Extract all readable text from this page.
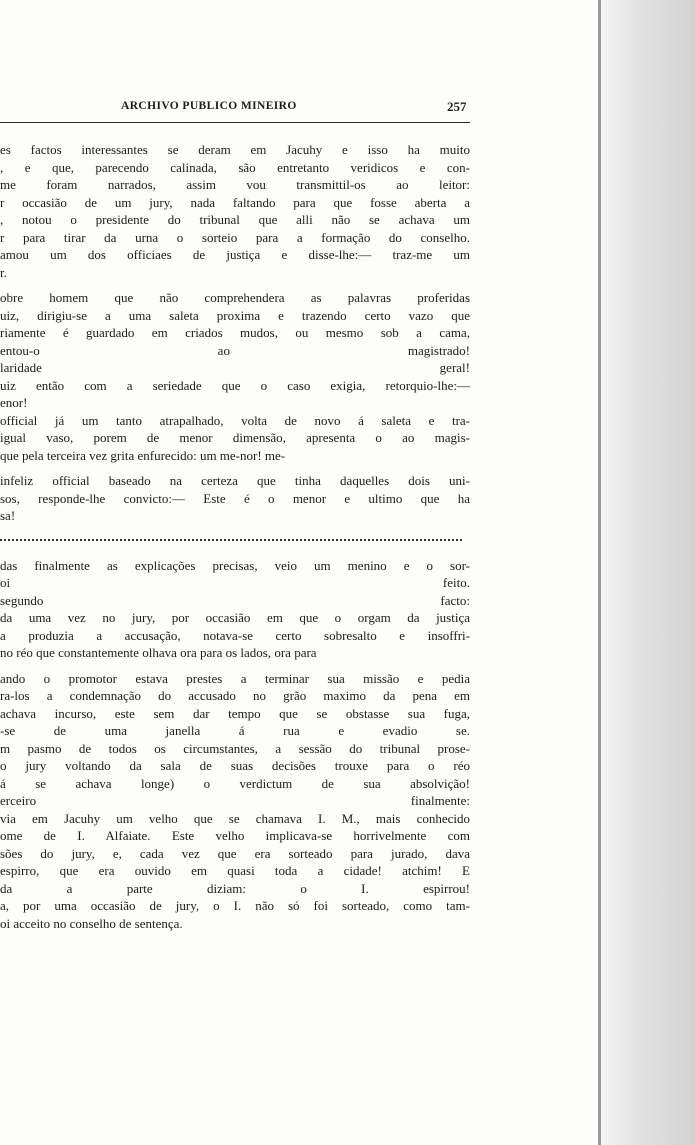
ARCHIVO PUBLICO MINEIRO	257
es factos interessantes se deram em Jacuhy e isso ha muito
, e que, parecendo calinada, são entretanto veridicos e con-
me foram narrados, assim vou transmittil-os ao leitor:
r occasião de um jury, nada faltando para que fosse aberta a
, notou o presidente do tribunal que alli não se achava um
r para tirar da urna o sorteio para a formação do conselho.
amou um dos officiaes de justiça e disse-lhe:— traz-me um
r.
obre homem que não comprehendera as palavras proferidas
uiz, dirigiu-se a uma saleta proxima e trazendo certo vazo que
riamente é guardado em criados mudos, ou mesmo sob a cama,
entou-o ao magistrado!
laridade geral!
uiz então com a seriedade que o caso exigia, retorquio-lhe:—
enor!
official já um tanto atrapalhado, volta de novo á saleta e tra-
igual vaso, porem de menor dimensão, apresenta o ao magis-
que pela terceira vez grita enfurecido: um me-nor! me-
infeliz official baseado na certeza que tinha daquelles dois uni-
sos, responde-lhe convicto:— Este é o menor e ultimo que ha
sa!
das finalmente as explicações precisas, veio um menino e o sor-
oi feito.
segundo facto:
da uma vez no jury, por occasião em que o orgam da justiça
a produzia a accusação, notava-se certo sobresalto e insoffri-
no réo que constantemente olhava ora para os lados, ora para
ando o promotor estava prestes a terminar sua missão e pedia
ra-los a condemnação do accusado no grão maximo da pena em
achava incurso, este sem dar tempo que se obstasse sua fuga,
-se de uma janella á rua e evadio se.
m pasmo de todos os circumstantes, a sessão do tribunal prose-
o jury voltando da sala de suas decisões trouxe para o réo
á se achava longe) o verdictum de sua absolvição!
erceiro finalmente:
via em Jacuhy um velho que se chamava I. M., mais conhecido
ome de I. Alfaiate. Este velho implicava-se horrivelmente com
sões do jury, e, cada vez que era sorteado para jurado, dava
espirro, que era ouvido em quasi toda a cidade! atchim! E
da a parte diziam: o I. espirrou!
a, por uma occasião de jury, o I. não só foi sorteado, como tam-
oi acceito no conselho de sentença.
